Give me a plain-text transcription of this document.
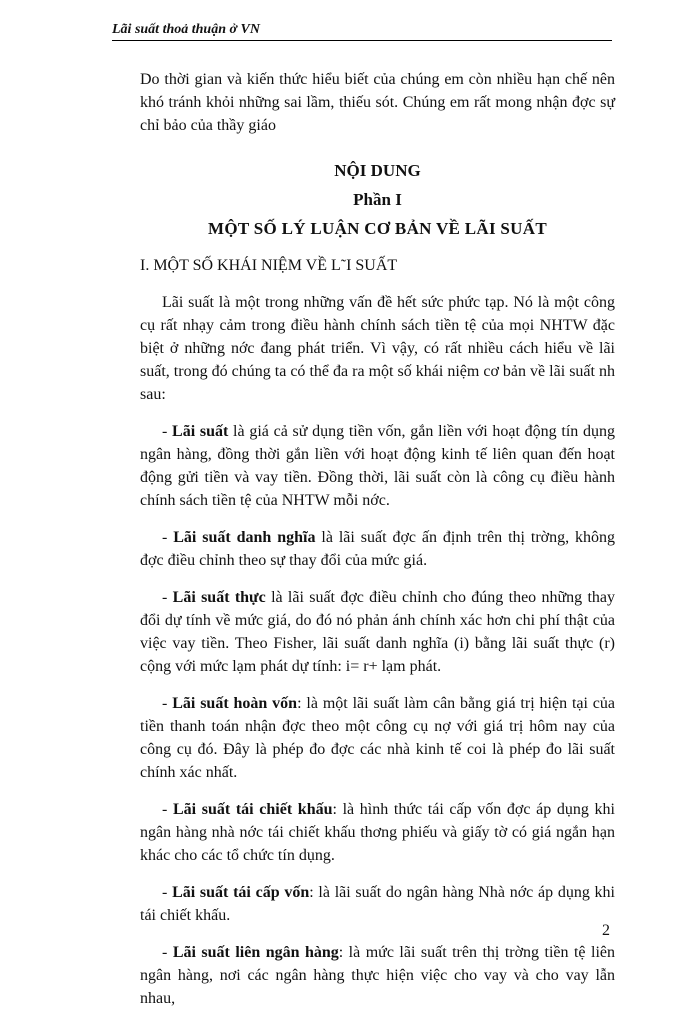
Lãi suất thoả thuận ở VN

Do thời gian và kiến thức hiểu biết của chúng em còn nhiều hạn chế nên khó tránh khỏi những sai lầm, thiếu sót. Chúng em rất mong nhận đợc sự chỉ bảo của thầy giáo

NỘI DUNG
Phần I
MỘT SỐ LÝ LUẬN CƠ BẢN VỀ LÃI SUẤT

I. MỘT SỐ KHÁI NIỆM VỀ L˜I SUẤT

Lãi suất là một trong những vấn đề hết sức phức tạp. Nó là một công cụ rất nhạy cảm trong điều hành chính sách tiền tệ của mọi NHTW đặc biệt ở những nớc đang phát triển. Vì vậy, có rất nhiều cách hiểu về lãi suất, trong đó chúng ta có thể đa ra một số khái niệm cơ bản về lãi suất nh sau:

- Lãi suất là giá cả sử dụng tiền vốn, gắn liền với hoạt động tín dụng ngân hàng, đồng thời gắn liền với hoạt động kinh tế liên quan đến hoạt động gửi tiền và vay tiền. Đồng thời, lãi suất còn là công cụ điều hành chính sách tiền tệ của NHTW mỗi nớc.

- Lãi suất danh nghĩa là lãi suất đợc ấn định trên thị trờng, không đợc điều chỉnh theo sự thay đổi của mức giá.

- Lãi suất thực là lãi suất đợc điều chỉnh cho đúng theo những thay đổi dự tính về mức giá, do đó nó phản ánh chính xác hơn chi phí thật của việc vay tiền. Theo Fisher, lãi suất danh nghĩa (i) bằng lãi suất thực (r) cộng với mức lạm phát dự tính: i= r+ lạm phát.

- Lãi suất hoàn vốn: là một lãi suất làm cân bằng giá trị hiện tại của tiền thanh toán nhận đợc theo một công cụ nợ với giá trị hôm nay của công cụ đó. Đây là phép đo đợc các nhà kinh tế coi là phép đo lãi suất chính xác nhất.

- Lãi suất tái chiết khấu: là hình thức tái cấp vốn đợc áp dụng khi ngân hàng nhà nớc tái chiết khấu thơng phiếu và giấy tờ có giá ngắn hạn khác cho các tổ chức tín dụng.

- Lãi suất tái cấp vốn: là lãi suất do ngân hàng Nhà nớc áp dụng khi tái chiết khấu.

- Lãi suất liên ngân hàng: là mức lãi suất trên thị trờng tiền tệ liên ngân hàng, nơi các ngân hàng thực hiện việc cho vay và cho vay lẫn nhau,

2
